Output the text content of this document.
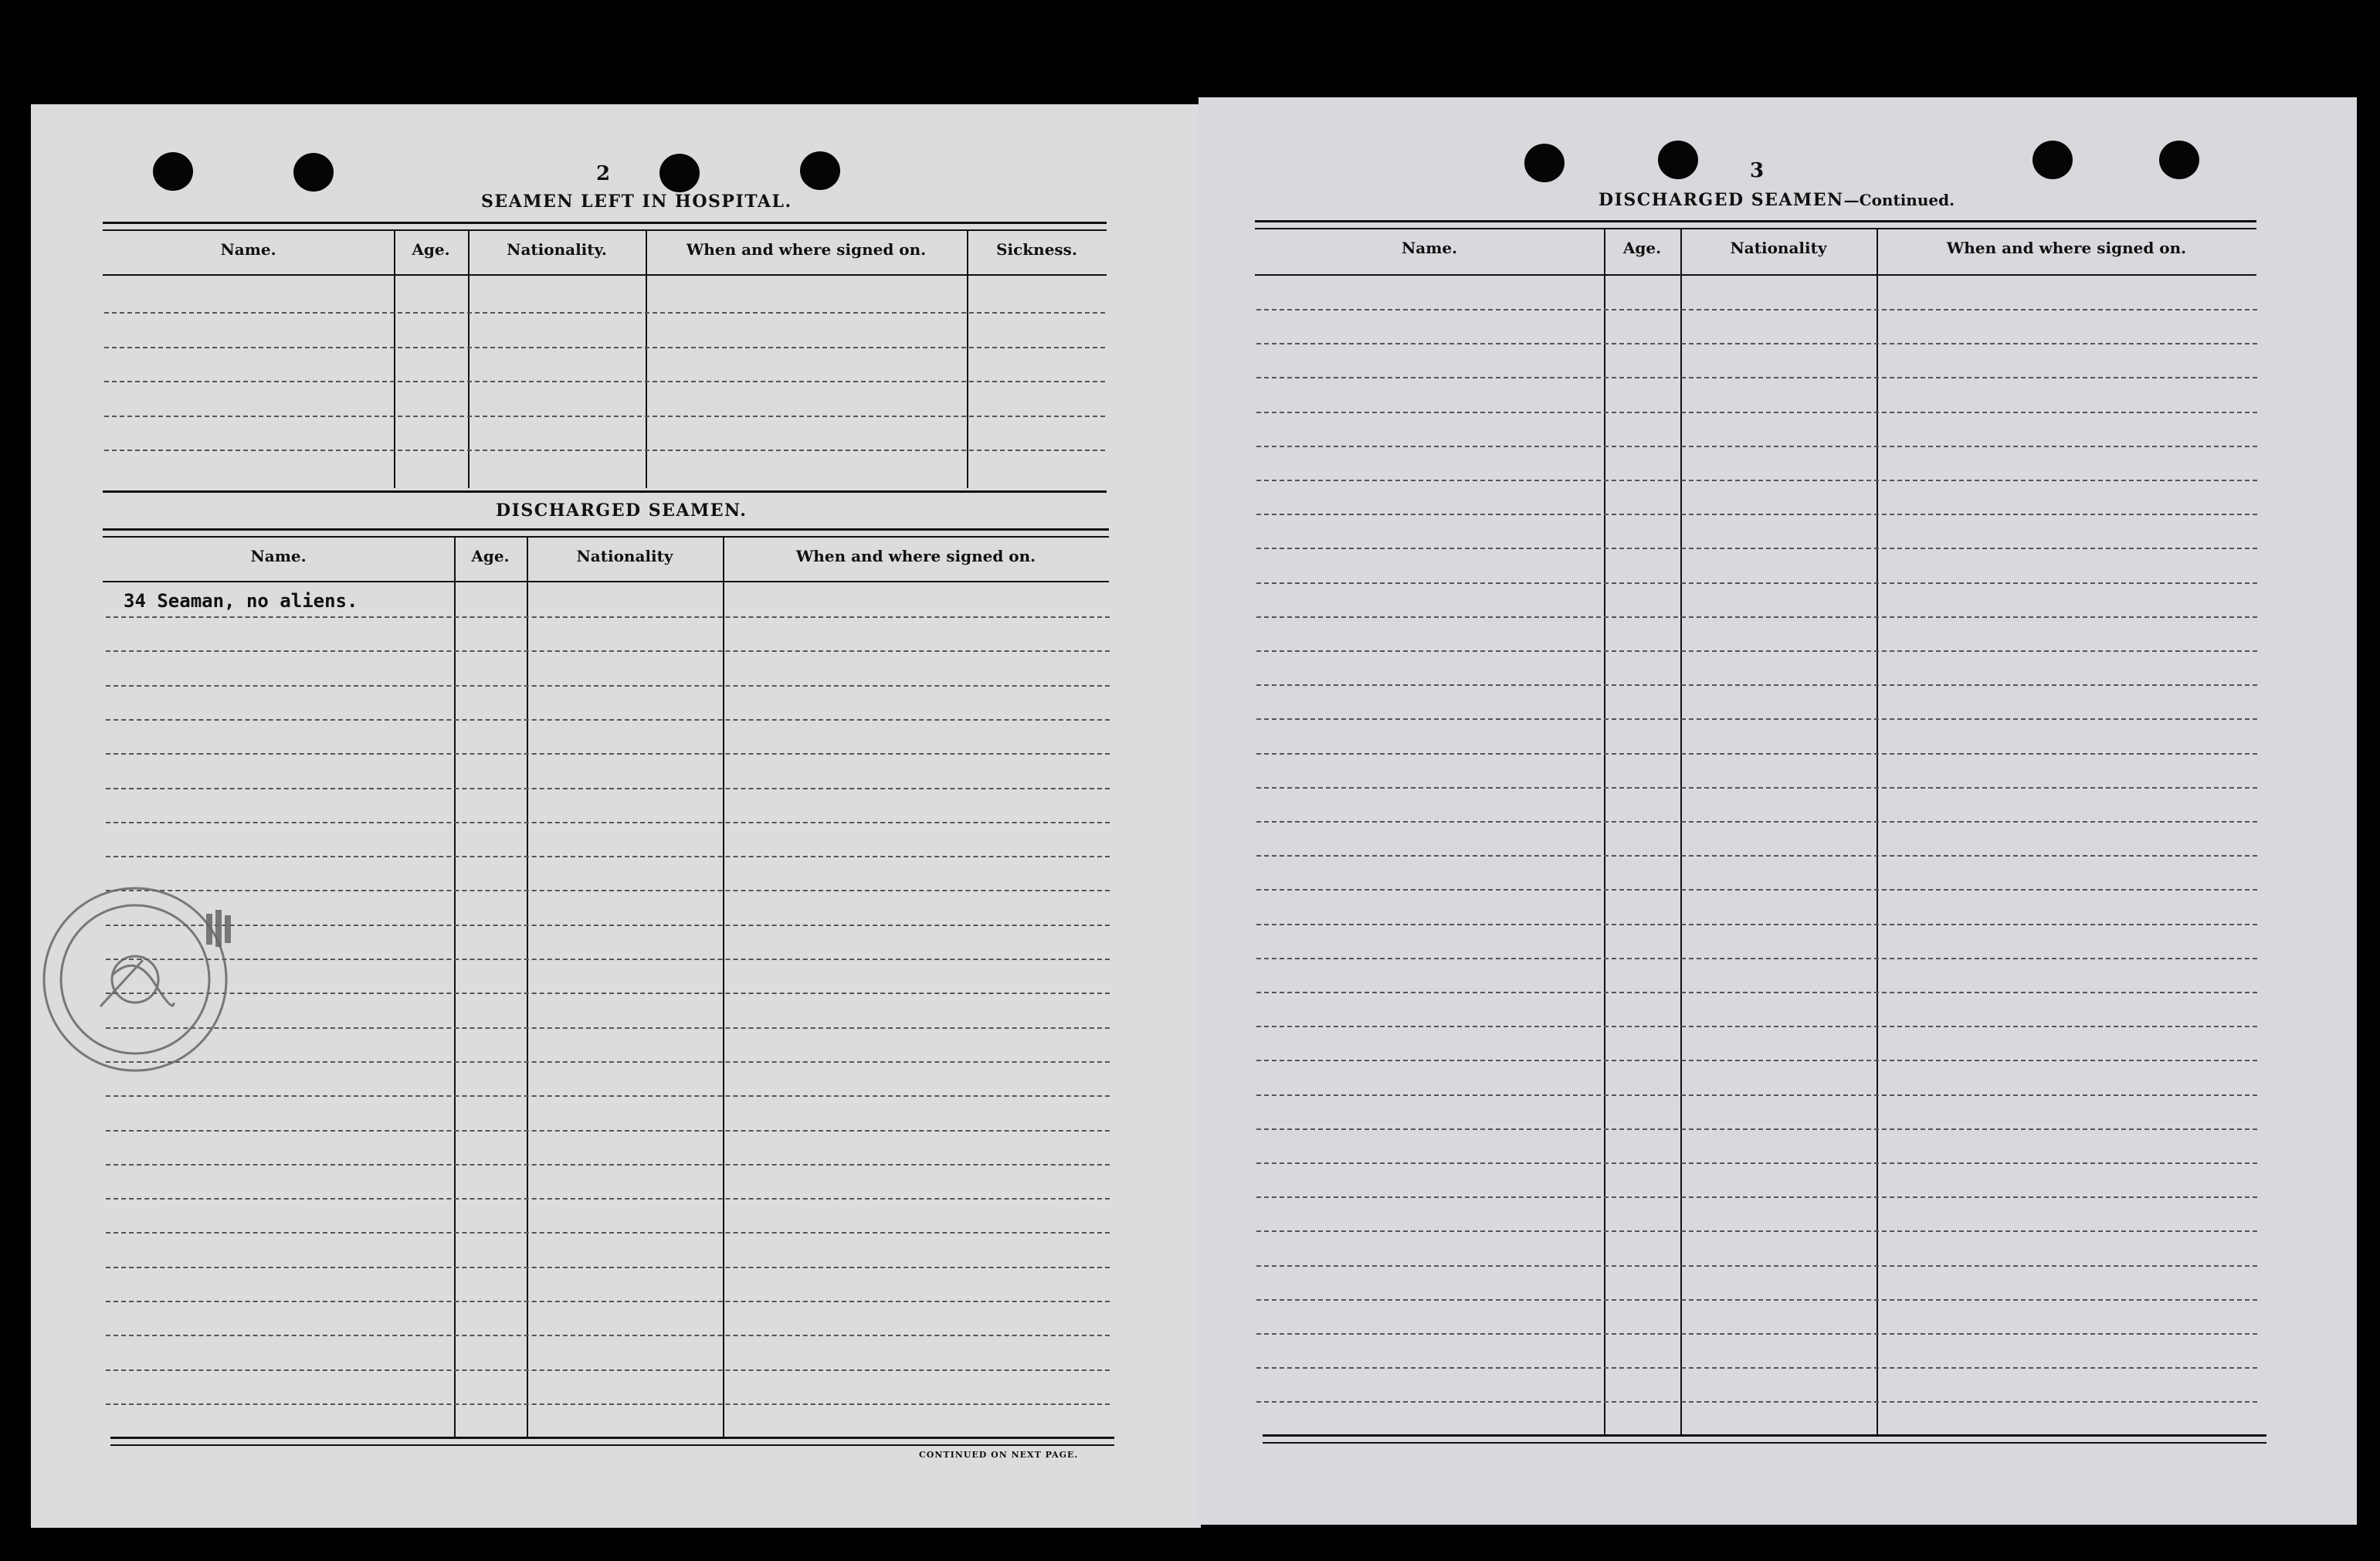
2
SEAMEN LEFT IN HOSPITAL.
Name.	Age.	Nationality.	When and where signed on.	Sickness.
DISCHARGED SEAMEN.
Name.	Age.	Nationality	When and where signed on.
34 Seaman, no aliens.
CONTINUED ON NEXT PAGE.
3
DISCHARGED SEAMEN—Continued.
Name.	Age.	Nationality	When and where signed on.
